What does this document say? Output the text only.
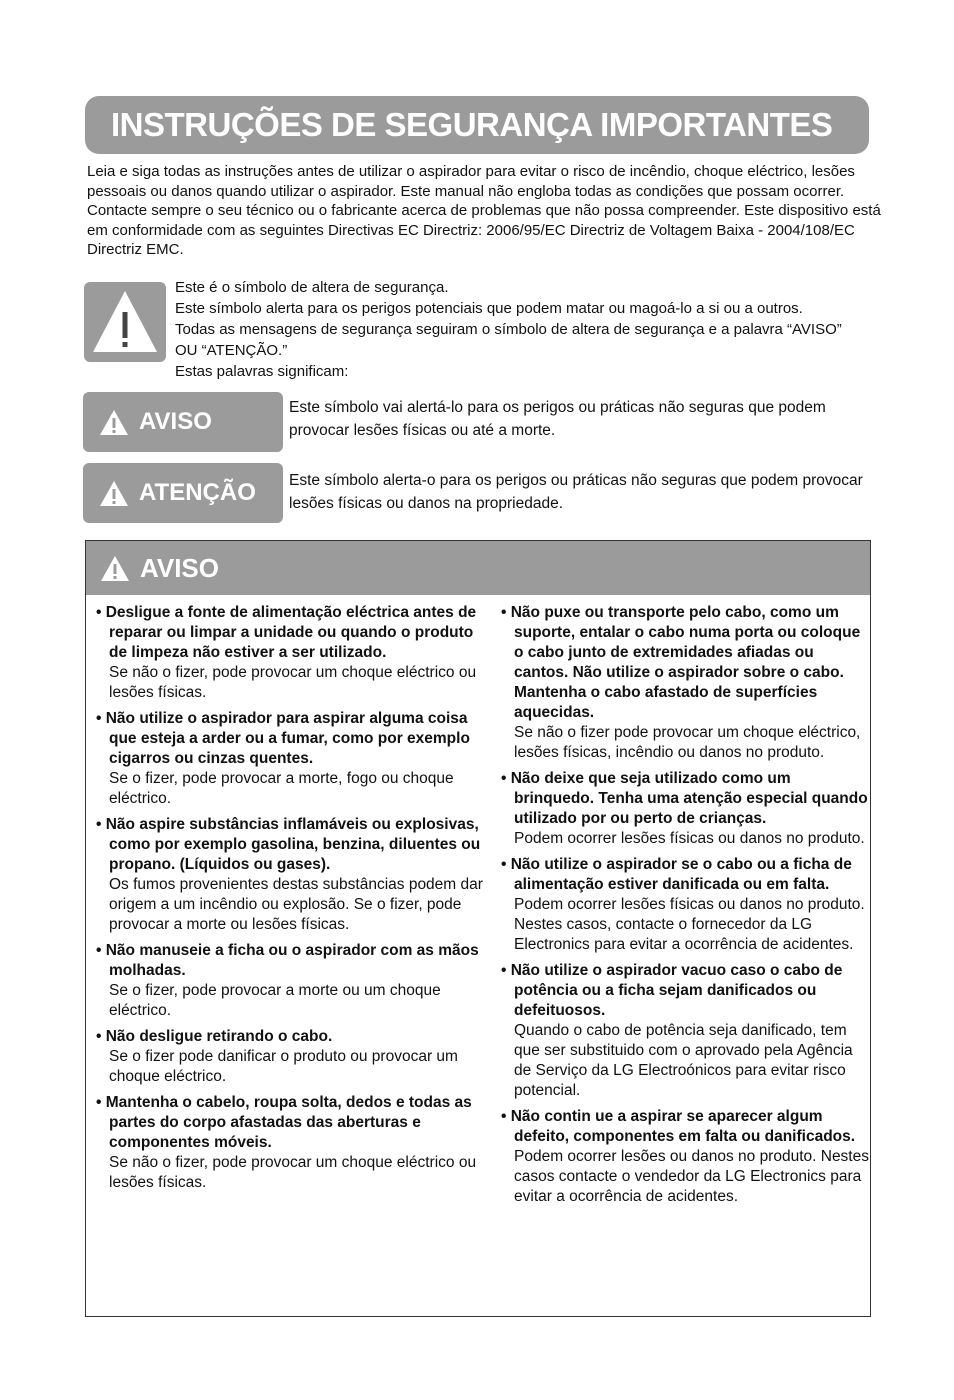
INSTRUÇÕES DE SEGURANÇA IMPORTANTES
Leia e siga todas as instruções antes de utilizar o aspirador para evitar o risco de incêndio, choque eléctrico, lesões pessoais ou danos quando utilizar o aspirador. Este manual não engloba todas as condições que possam ocorrer. Contacte sempre o seu técnico ou o fabricante acerca de problemas que não possa compreender. Este dispositivo está em conformidade com as seguintes Directivas EC Directriz: 2006/95/EC Directriz de Voltagem Baixa - 2004/108/EC Directriz EMC.
Este é o símbolo de altera de segurança.
Este símbolo alerta para os perigos potenciais que podem matar ou magoá-lo a si ou a outros.
Todas as mensagens de segurança seguiram o símbolo de altera de segurança e a palavra “AVISO” OU “ATENÇÃO.”
Estas palavras significam:
AVISO
Este símbolo vai alertá-lo para os perigos ou práticas não seguras que podem provocar lesões físicas ou até a morte.
ATENÇÃO Este símbolo alerta-o para os perigos ou práticas não seguras que podem provocar lesões físicas ou danos na propriedade.
AVISO
• Desligue a fonte de alimentação eléctrica antes de reparar ou limpar a unidade ou quando o produto de limpeza não estiver a ser utilizado.
Se não o fizer, pode provocar um choque eléctrico ou lesões físicas.
• Não utilize o aspirador para aspirar alguma coisa que esteja a arder ou a fumar, como por exemplo cigarros ou cinzas quentes.
Se o fizer, pode provocar a morte, fogo ou choque eléctrico.
• Não aspire substâncias inflamáveis ou explosivas, como por exemplo gasolina, benzina, diluentes ou propano. (Líquidos ou gases).
Os fumos provenientes destas substâncias podem dar origem a um incêndio ou explosão. Se o fizer, pode provocar a morte ou lesões físicas.
• Não manuseie a ficha ou o aspirador com as mãos molhadas.
Se o fizer, pode provocar a morte ou um choque eléctrico.
• Não desligue retirando o cabo.
Se o fizer pode danificar o produto ou provocar um choque eléctrico.
• Mantenha o cabelo, roupa solta, dedos e todas as partes do corpo afastadas das aberturas e componentes móveis.
Se não o fizer, pode provocar um choque eléctrico ou lesões físicas.
• Não puxe ou transporte pelo cabo, como um suporte, entalar o cabo numa porta ou coloque o cabo junto de extremidades afiadas ou cantos. Não utilize o aspirador sobre o cabo. Mantenha o cabo afastado de superfícies aquecidas.
Se não o fizer pode provocar um choque eléctrico, lesões físicas, incêndio ou danos no produto.
• Não deixe que seja utilizado como um brinquedo. Tenha uma atenção especial quando utilizado por ou perto de crianças.
Podem ocorrer lesões físicas ou danos no produto.
• Não utilize o aspirador se o cabo ou a ficha de alimentação estiver danificada ou em falta.
Podem ocorrer lesões físicas ou danos no produto. Nestes casos, contacte o fornecedor da LG Electronics para evitar a ocorrência de acidentes.
• Não utilize o aspirador vacuo caso o cabo de potência ou a ficha sejam danificados ou defeituosos.
Quando o cabo de potência seja danificado, tem que ser substituido com o aprovado pela Agência de Serviço da LG Electroónicos para evitar risco potencial.
• Não contin ue a aspirar se aparecer algum defeito, componentes em falta ou danificados.
Podem ocorrer lesões ou danos no produto. Nestes casos contacte o vendedor da LG Electronics para evitar a ocorrência de acidentes.
